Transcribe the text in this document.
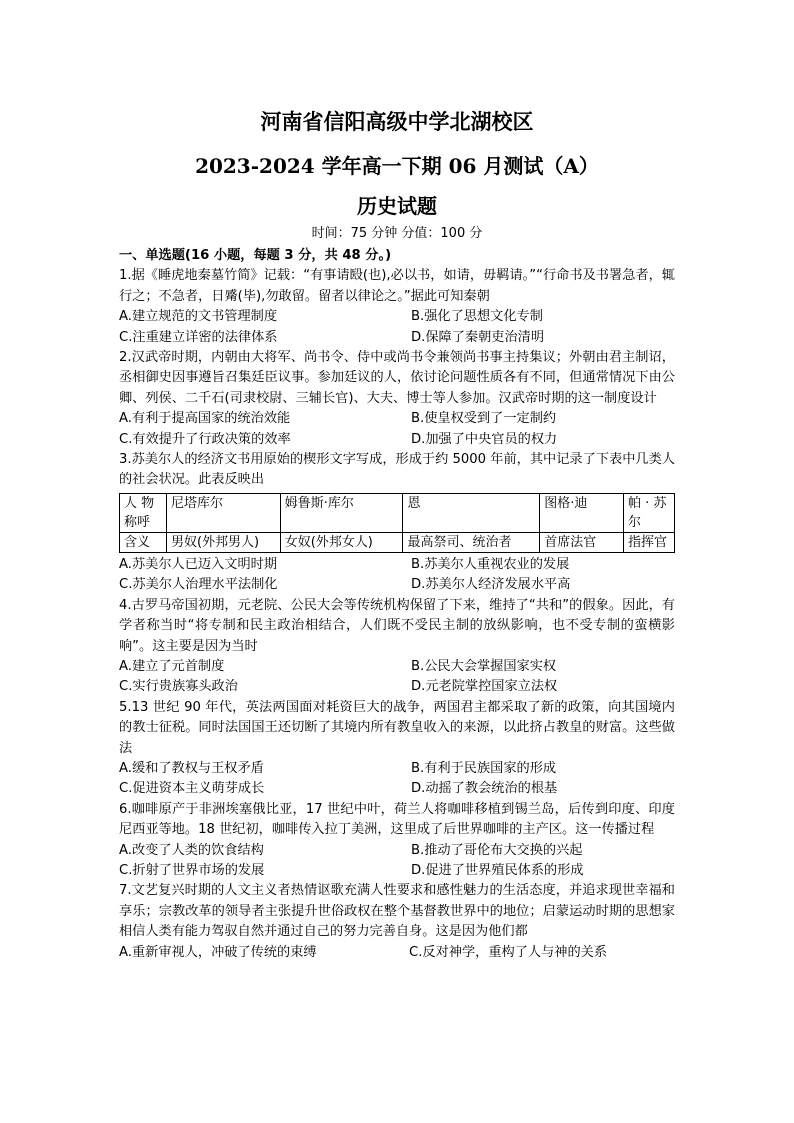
河南省信阳高级中学北湖校区
2023-2024 学年高一下期 06 月测试（A）
历史试题
时间：75 分钟 分值：100 分
一、单选题(16 小题，每题 3 分，共 48 分。)
1.据《睡虎地秦墓竹简》记载：“有事请殹(也),必以书，如请，毋羁请。”“行命书及书署急者，辄行之；不急者，日觱(毕),勿敢留。留者以律论之。”据此可知秦朝
A.建立规范的文书管理制度	B.强化了思想文化专制
C.注重建立详密的法律体系	D.保障了秦朝吏治清明
2.汉武帝时期，内朝由大将军、尚书令、侍中或尚书令兼领尚书事主持集议；外朝由君主制诏，丞相御史因事遵旨召集廷臣议事。参加廷议的人，依讨论问题性质各有不同，但通常情况下由公卿、列侯、二千石(司隶校尉、三辅长官)、大夫、博士等人参加。汉武帝时期的这一制度设计
A.有利于提高国家的统治效能	B.使皇权受到了一定制约
C.有效提升了行政决策的效率	D.加强了中央官员的权力
3.苏美尔人的经济文书用原始的楔形文字写成，形成于约 5000 年前，其中记录了下表中几类人的社会状况。此表反映出
人 物称呼	尼塔库尔	姆鲁斯·库尔	恩	图格·迪	帕 · 苏尔
含义	男奴(外邦男人)	女奴(外邦女人)	最高祭司、统治者	首席法官	指挥官
A.苏美尔人已迈入文明时期	B.苏美尔人重视农业的发展
C.苏美尔人治理水平法制化	D.苏美尔人经济发展水平高
4.古罗马帝国初期，元老院、公民大会等传统机构保留了下来，维持了“共和”的假象。因此，有学者称当时“将专制和民主政治相结合，人们既不受民主制的放纵影响，也不受专制的蛮横影响”。这主要是因为当时
A.建立了元首制度	B.公民大会掌握国家实权
C.实行贵族寡头政治	D.元老院掌控国家立法权
5.13 世纪 90 年代，英法两国面对耗资巨大的战争，两国君主都采取了新的政策，向其国境内的教士征税。同时法国国王还切断了其境内所有教皇收入的来源，以此挤占教皇的财富。这些做法
A.缓和了教权与王权矛盾	B.有利于民族国家的形成
C.促进资本主义萌芽成长	D.动摇了教会统治的根基
6.咖啡原产于非洲埃塞俄比亚，17 世纪中叶，荷兰人将咖啡移植到锡兰岛，后传到印度、印度尼西亚等地。18 世纪初，咖啡传入拉丁美洲，这里成了后世界咖啡的主产区。这一传播过程
A.改变了人类的饮食结构	B.推动了哥伦布大交换的兴起
C.折射了世界市场的发展	D.促进了世界殖民体系的形成
7.文艺复兴时期的人文主义者热情讴歌充满人性要求和感性魅力的生活态度，并追求现世幸福和享乐；宗教改革的领导者主张提升世俗政权在整个基督教世界中的地位；启蒙运动时期的思想家相信人类有能力驾驭自然并通过自己的努力完善自身。这是因为他们都
A.重新审视人，冲破了传统的束缚	C.反对神学，重构了人与神的关系
